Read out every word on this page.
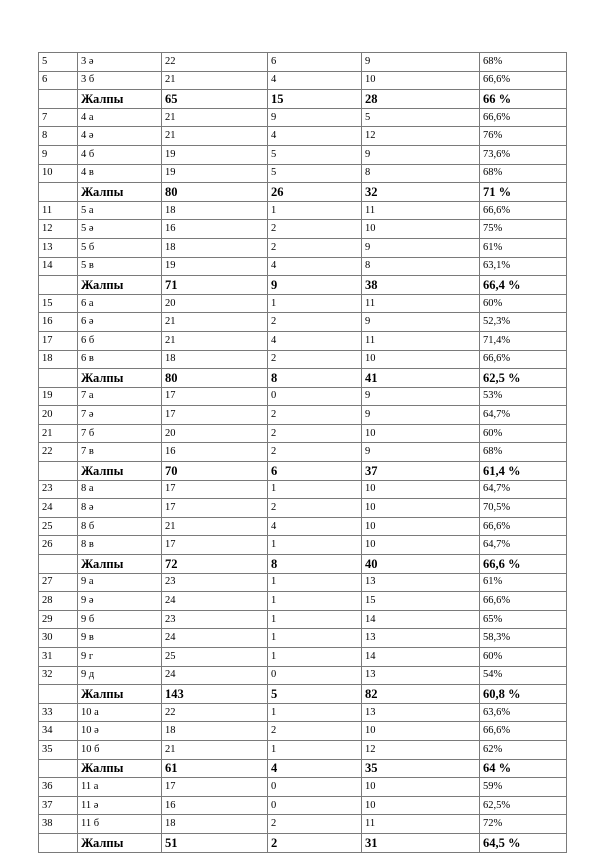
5	3 ә	22	6	9	68%
6	3 б	21	4	10	66,6%
	Жалпы	65	15	28	66 %
7	4 а	21	9	5	66,6%
8	4 ә	21	4	12	76%
9	4 б	19	5	9	73,6%
10	4 в	19	5	8	68%
	Жалпы	80	26	32	71 %
11	5 а	18	1	11	66,6%
12	5 ә	16	2	10	75%
13	5 б	18	2	9	61%
14	5 в	19	4	8	63,1%
	Жалпы	71	9	38	66,4 %
15	6 а	20	1	11	60%
16	6 ә	21	2	9	52,3%
17	6 б	21	4	11	71,4%
18	6 в	18	2	10	66,6%
	Жалпы	80	8	41	62,5 %
19	7 а	17	0	9	53%
20	7 ә	17	2	9	64,7%
21	7 б	20	2	10	60%
22	7 в	16	2	9	68%
	Жалпы	70	6	37	61,4 %
23	8 а	17	1	10	64,7%
24	8 ә	17	2	10	70,5%
25	8 б	21	4	10	66,6%
26	8 в	17	1	10	64,7%
	Жалпы	72	8	40	66,6 %
27	9 а	23	1	13	61%
28	9 ә	24	1	15	66,6%
29	9 б	23	1	14	65%
30	9 в	24	1	13	58,3%
31	9 г	25	1	14	60%
32	9 д	24	0	13	54%
	Жалпы	143	5	82	60,8 %
33	10 а	22	1	13	63,6%
34	10 ә	18	2	10	66,6%
35	10 б	21	1	12	62%
	Жалпы	61	4	35	64 %
36	11 а	17	0	10	59%
37	11 ә	16	0	10	62,5%
38	11 б	18	2	11	72%
	Жалпы	51	2	31	64,5 %
